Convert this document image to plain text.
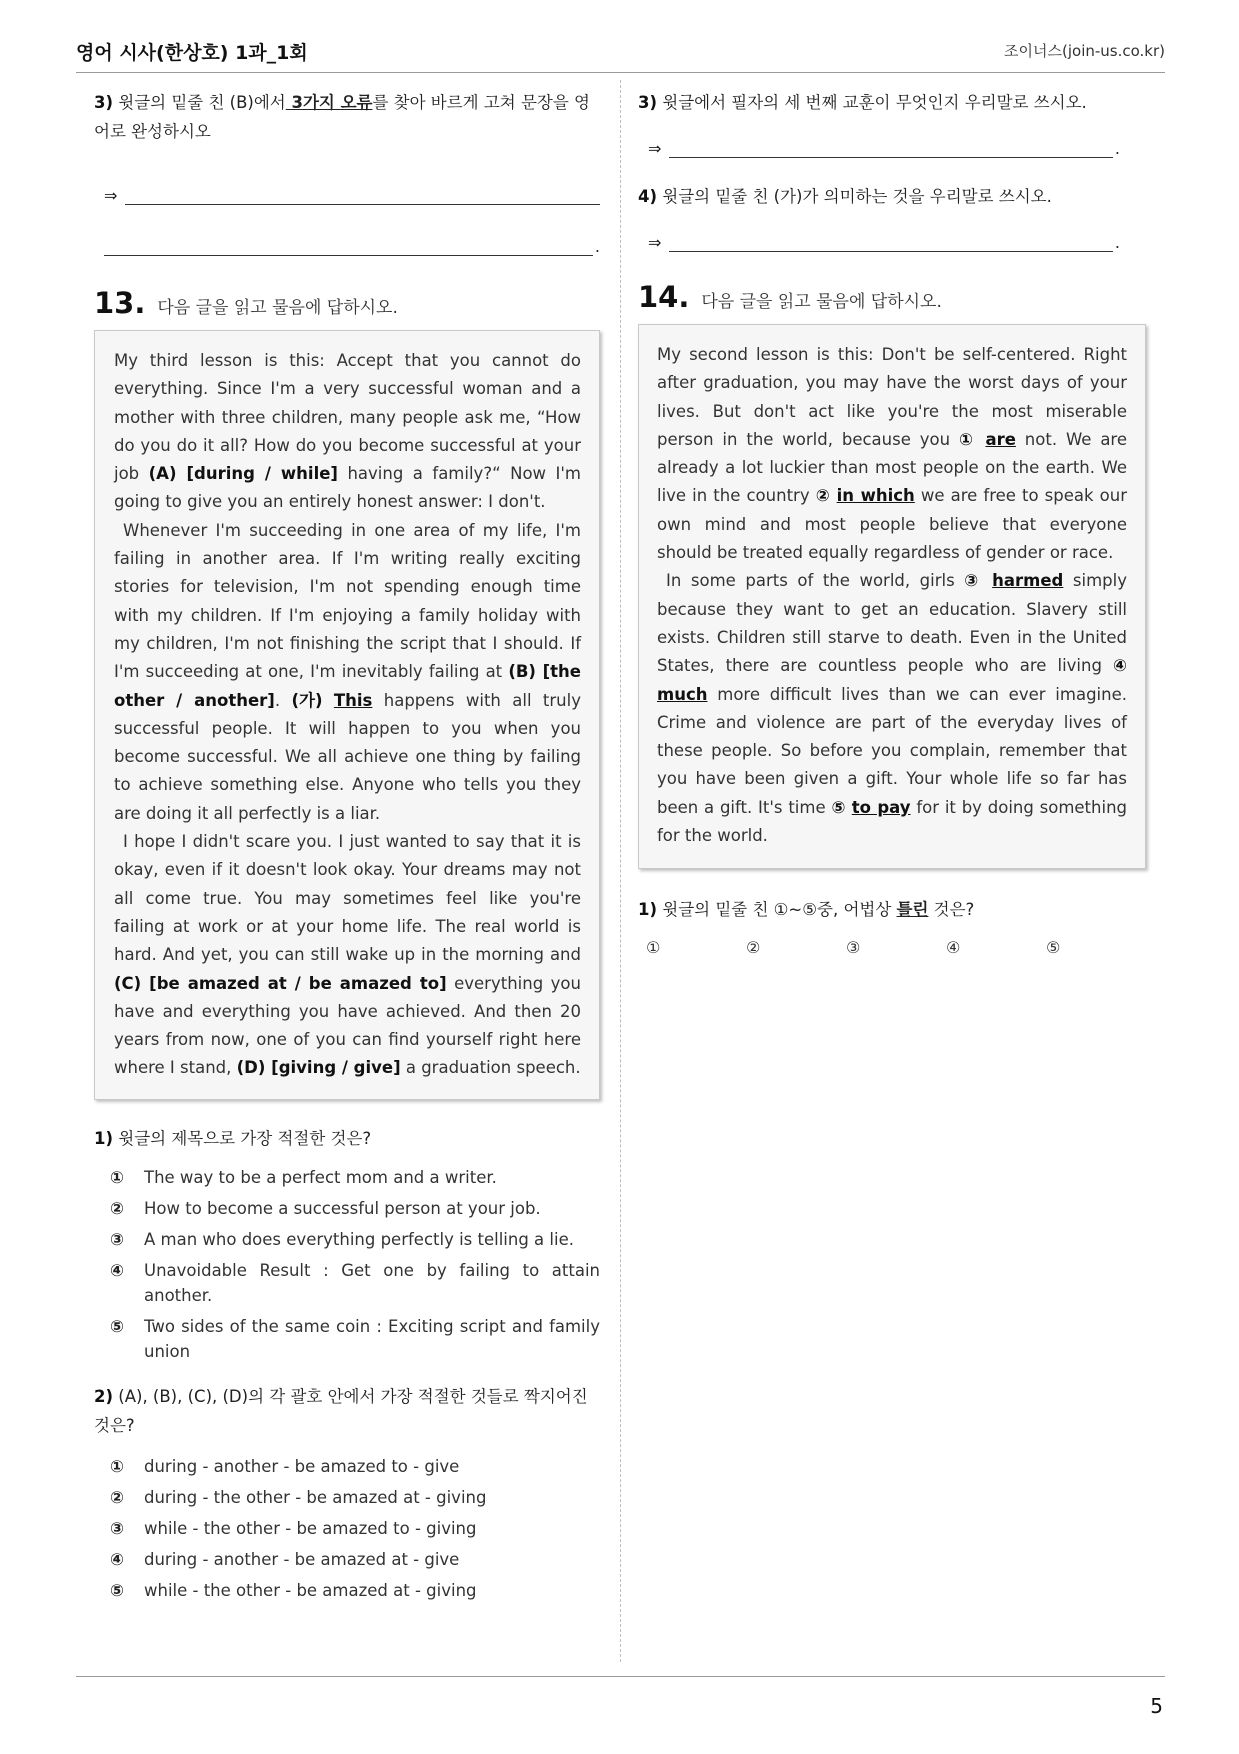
영어 시사(한상호) 1과_1회	조이너스(join-us.co.kr)

3) 윗글의 밑줄 친 (B)에서 3가지 오류를 찾아 바르게 고쳐 문장을 영어로 완성하시오

⇒
.
13. 다음 글을 읽고 물음에 답하시오.

My third lesson is this: Accept that you cannot do everything. Since I'm a very successful woman and a mother with three children, many people ask me, “How do you do it all? How do you become successful at your job (A) [during / while] having a family?“ Now I'm going to give you an entirely honest answer: I don't.

Whenever I'm succeeding in one area of my life, I'm failing in another area. If I'm writing really exciting stories for television, I'm not spending enough time with my children. If I'm enjoying a family holiday with my children, I'm not finishing the script that I should. If I'm succeeding at one, I'm inevitably failing at (B) [the other / another]. (가) This happens with all truly successful people. It will happen to you when you become successful. We all achieve one thing by failing to achieve something else. Anyone who tells you they are doing it all perfectly is a liar.

I hope I didn't scare you. I just wanted to say that it is okay, even if it doesn't look okay. Your dreams may not all come true. You may sometimes feel like you're failing at work or at your home life. The real world is hard. And yet, you can still wake up in the morning and (C) [be amazed at / be amazed to] everything you have and everything you have achieved. And then 20 years from now, one of you can find yourself right here where I stand, (D) [giving / give] a graduation speech.

1) 윗글의 제목으로 가장 적절한 것은?

①	The way to be a perfect mom and a writer.
②	How to become a successful person at your job.
③	A man who does everything perfectly is telling a lie.
④	Unavoidable Result : Get one by failing to attain another.
⑤	Two sides of the same coin : Exciting script and family union

2) (A), (B), (C), (D)의 각 괄호 안에서 가장 적절한 것들로 짝지어진 것은?

①	during - another - be amazed to - give
②	during - the other - be amazed at - giving
③	while - the other - be amazed to - giving
④	during - another - be amazed at - give
⑤	while - the other - be amazed at - giving

3) 윗글에서 필자의 세 번째 교훈이 무엇인지 우리말로 쓰시오.

⇒	.

4) 윗글의 밑줄 친 (가)가 의미하는 것을 우리말로 쓰시오.

⇒	.
14. 다음 글을 읽고 물음에 답하시오.

My second lesson is this: Don't be self-centered. Right after graduation, you may have the worst days of your lives. But don't act like you're the most miserable person in the world, because you ① are not. We are already a lot luckier than most people on the earth. We live in the country ② in which we are free to speak our own mind and most people believe that everyone should be treated equally regardless of gender or race.

In some parts of the world, girls ③ harmed simply because they want to get an education. Slavery still exists. Children still starve to death. Even in the United States, there are countless people who are living ④ much more difficult lives than we can ever imagine. Crime and violence are part of the everyday lives of these people. So before you complain, remember that you have been given a gift. Your whole life so far has been a gift. It's time ⑤ to pay for it by doing something for the world.

1) 윗글의 밑줄 친 ①~⑤중, 어법상 틀린 것은?

①	②	③	④	⑤
5
